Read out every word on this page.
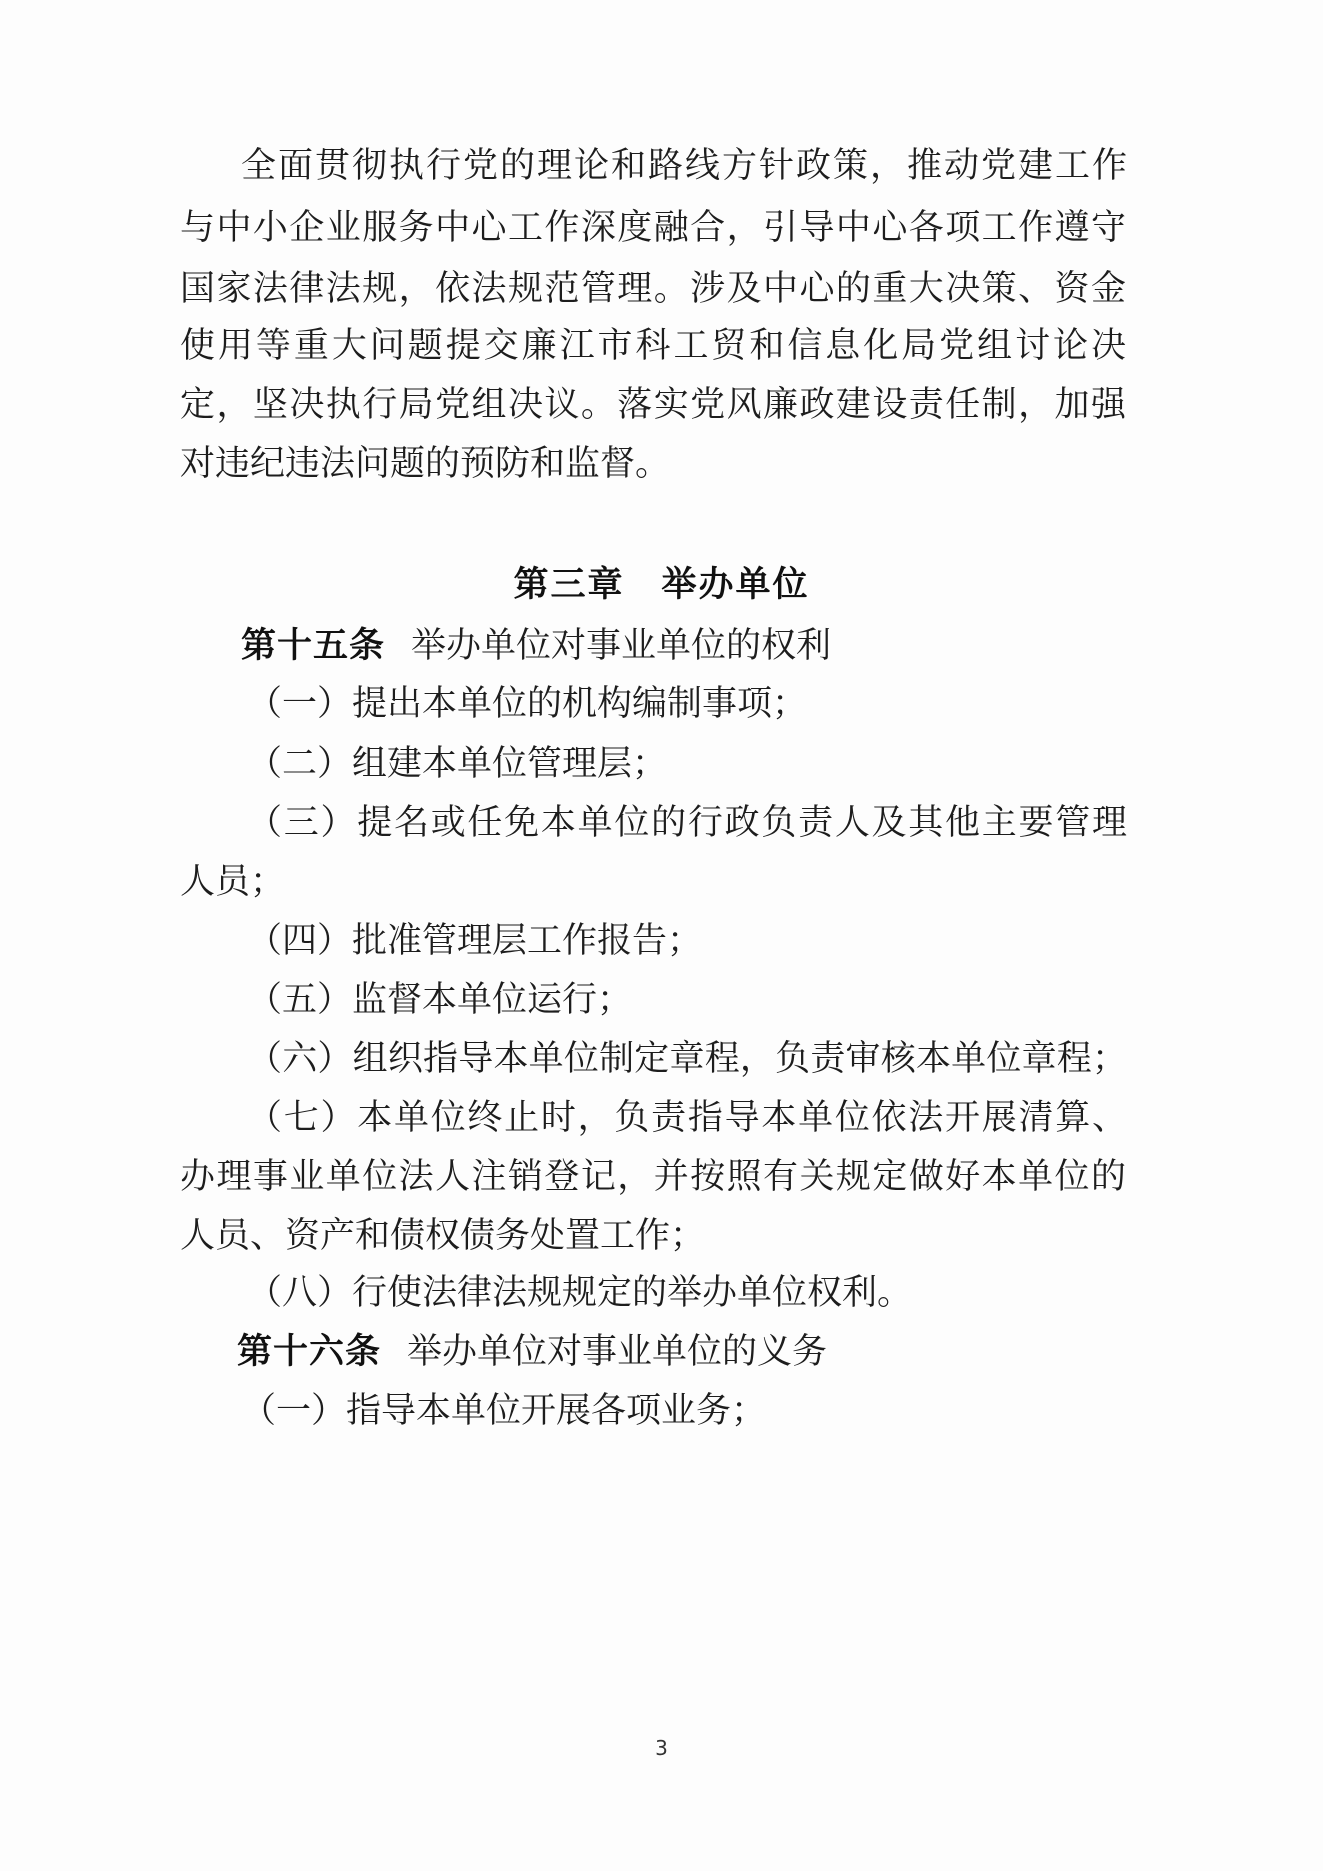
全面贯彻执行党的理论和路线方针政策，推动党建工作
与中小企业服务中心工作深度融合，引导中心各项工作遵守
国家法律法规，依法规范管理。涉及中心的重大决策、资金
使用等重大问题提交廉江市科工贸和信息化局党组讨论决
定，坚决执行局党组决议。落实党风廉政建设责任制，加强
对违纪违法问题的预防和监督。
第三章　举办单位
第十五条 举办单位对事业单位的权利
（一）提出本单位的机构编制事项；
（二）组建本单位管理层；
（三）提名或任免本单位的行政负责人及其他主要管理
人员；
（四）批准管理层工作报告；
（五）监督本单位运行；
（六）组织指导本单位制定章程，负责审核本单位章程；
（七）本单位终止时，负责指导本单位依法开展清算、
办理事业单位法人注销登记，并按照有关规定做好本单位的
人员、资产和债权债务处置工作；
（八）行使法律法规规定的举办单位权利。
第十六条 举办单位对事业单位的义务
（一）指导本单位开展各项业务；
3
